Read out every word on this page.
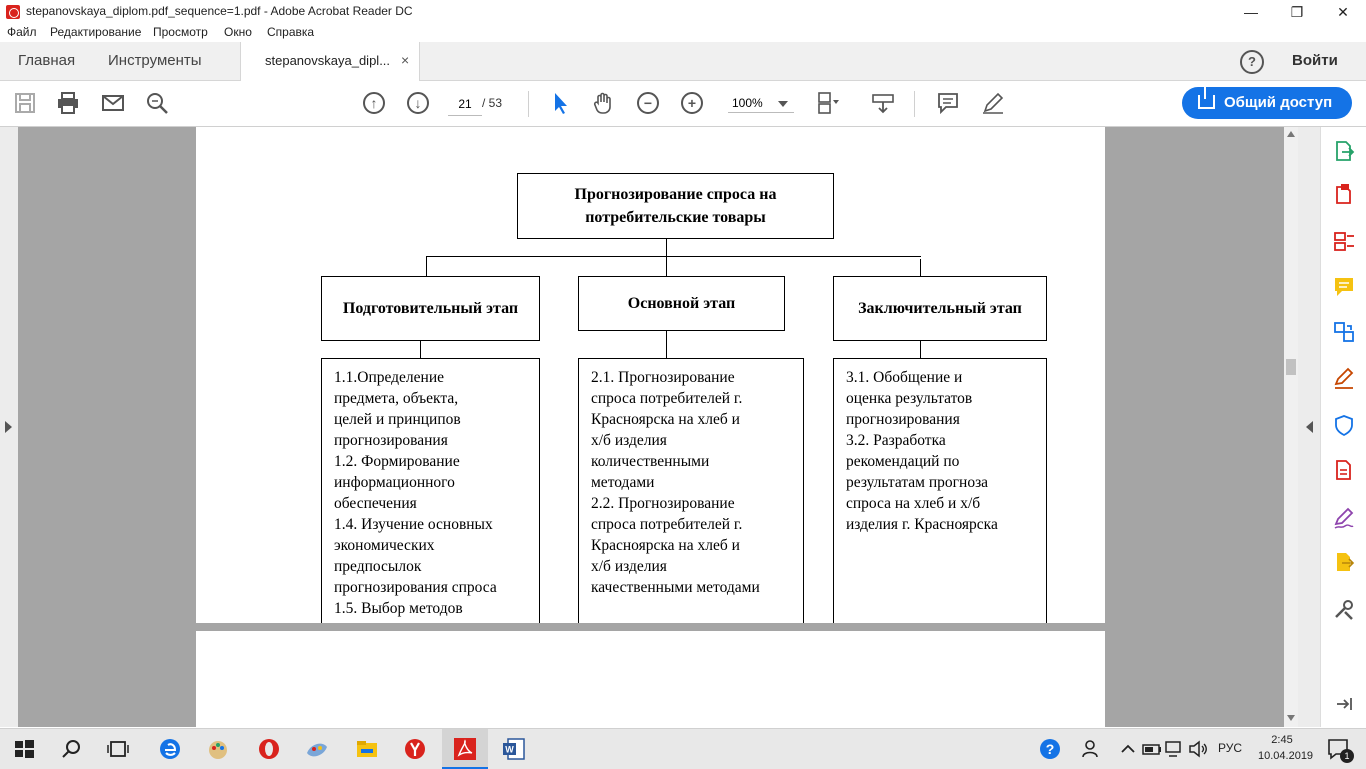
stepanovskaya_diplom.pdf_sequence=1.pdf - Adobe Acrobat Reader DC	—	❐	✕
Файл Редактирование Просмотр Окно Справка
Главная Инструменты	stepanovskaya_dipl... ×	?	Войти
↑	↓
21	/ 53	−	+
100%	Общий доступ
Прогнозирование спроса на потребительские товары
Подготовительный этап	Основной этап	Заключительный этап
1.1.Определение
предмета, объекта,
целей и принципов
прогнозирования
1.2. Формирование
информационного
обеспечения
1.4. Изучение основных
экономических
предпосылок
прогнозирования спроса
1.5. Выбор методов
2.1. Прогнозирование
спроса потребителей г.
Красноярска на хлеб и
х/б изделия
количественными
методами
2.2. Прогнозирование
спроса потребителей г.
Красноярска на хлеб и
х/б изделия
качественными методами
3.1. Обобщение и
оценка результатов
прогнозирования
3.2. Разработка
рекомендаций по
результатам прогноза
спроса на хлеб и х/б
изделия г. Красноярска
W	?	РУС
2:45
10.04.2019	1
